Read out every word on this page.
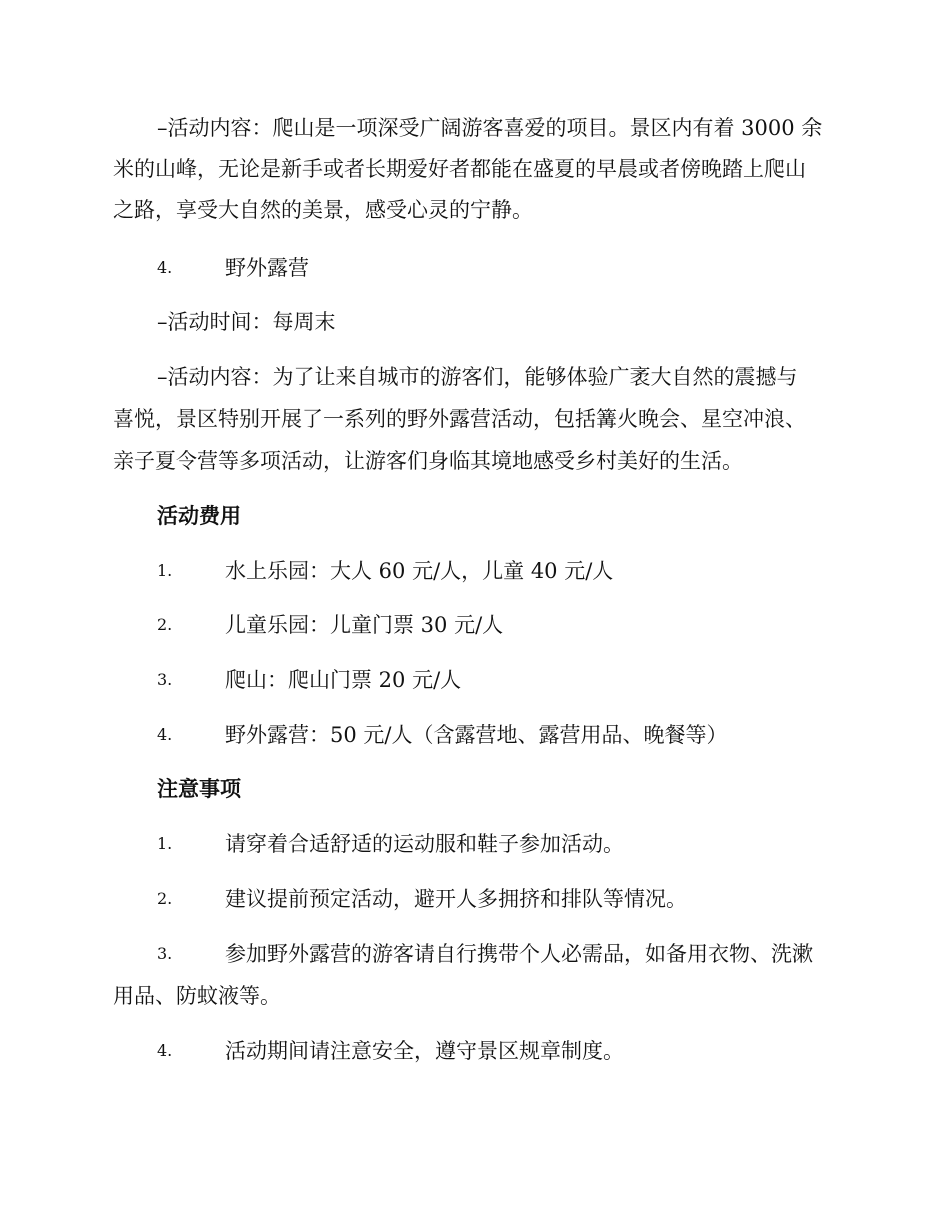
–活动内容：爬山是一项深受广阔游客喜爱的项目。景区内有着 3000 余
米的山峰，无论是新手或者长期爱好者都能在盛夏的早晨或者傍晚踏上爬山
之路，享受大自然的美景，感受心灵的宁静。
4.	野外露营
–活动时间：每周末
–活动内容：为了让来自城市的游客们，能够体验广袤大自然的震撼与
喜悦，景区特别开展了一系列的野外露营活动，包括篝火晚会、星空冲浪、
亲子夏令营等多项活动，让游客们身临其境地感受乡村美好的生活。
活动费用
1.	水上乐园：大人 60 元/人，儿童 40 元/人
2.	儿童乐园：儿童门票 30 元/人
3.	爬山：爬山门票 20 元/人
4.	野外露营：50 元/人（含露营地、露营用品、晚餐等）
注意事项
1.	请穿着合适舒适的运动服和鞋子参加活动。
2.	建议提前预定活动，避开人多拥挤和排队等情况。
3.	参加野外露营的游客请自行携带个人必需品，如备用衣物、洗漱
用品、防蚊液等。
4.	活动期间请注意安全，遵守景区规章制度。
